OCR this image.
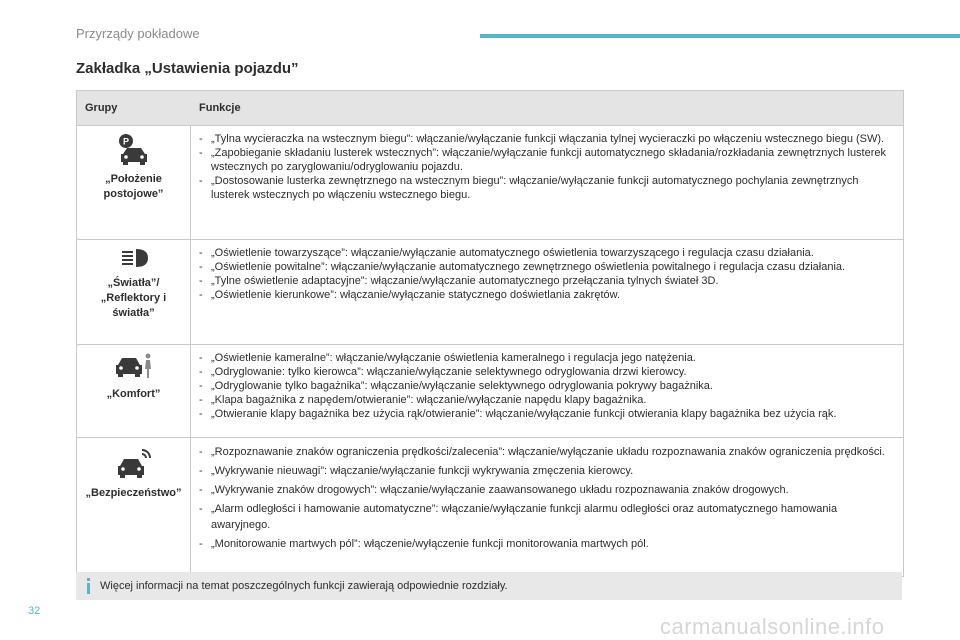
Przyrządy pokładowe
Zakładka „Ustawienia pojazdu”
Grupy	Funkcje
P
„Położenie postojowe”
- „Tylna wycieraczka na wstecznym biegu”: włączanie/wyłączanie funkcji włączania tylnej wycieraczki po włączeniu wstecznego biegu (SW).
- „Zapobieganie składaniu lusterek wstecznych”: włączanie/wyłączanie funkcji automatycznego składania/rozkładania zewnętrznych lusterek wstecznych po zaryglowaniu/odryglowaniu pojazdu.
- „Dostosowanie lusterka zewnętrznego na wstecznym biegu”: włączanie/wyłączanie funkcji automatycznego pochylania zewnętrznych lusterek wstecznych po włączeniu wstecznego biegu.
„Światła”/ „Reflektory i światła”
- „Oświetlenie towarzyszące”: włączanie/wyłączanie automatycznego oświetlenia towarzyszącego i regulacja czasu działania.
- „Oświetlenie powitalne”: włączanie/wyłączanie automatycznego zewnętrznego oświetlenia powitalnego i regulacja czasu działania.
- „Tylne oświetlenie adaptacyjne”: włączanie/wyłączanie automatycznego przełączania tylnych świateł 3D.
- „Oświetlenie kierunkowe”: włączanie/wyłączanie statycznego doświetlania zakrętów.
„Komfort”
- „Oświetlenie kameralne”: włączanie/wyłączanie oświetlenia kameralnego i regulacja jego natężenia.
- „Odryglowanie: tylko kierowca”: włączanie/wyłączanie selektywnego odryglowania drzwi kierowcy.
- „Odryglowanie tylko bagażnika”: włączanie/wyłączanie selektywnego odryglowania pokrywy bagażnika.
- „Klapa bagażnika z napędem/otwieranie”: włączanie/wyłączanie napędu klapy bagażnika.
- „Otwieranie klapy bagażnika bez użycia rąk/otwieranie”: włączanie/wyłączanie funkcji otwierania klapy bagażnika bez użycia rąk.
„Bezpieczeństwo”
- „Rozpoznawanie znaków ograniczenia prędkości/zalecenia”: włączanie/wyłączanie układu rozpoznawania znaków ograniczenia prędkości.
- „Wykrywanie nieuwagi”: włączanie/wyłączanie funkcji wykrywania zmęczenia kierowcy.
- „Wykrywanie znaków drogowych”: włączanie/wyłączanie zaawansowanego układu rozpoznawania znaków drogowych.
- „Alarm odległości i hamowanie automatyczne”: włączanie/wyłączanie funkcji alarmu odległości oraz automatycznego hamowania awaryjnego.
- „Monitorowanie martwych pól”: włączenie/wyłączenie funkcji monitorowania martwych pól.
Więcej informacji na temat poszczególnych funkcji zawierają odpowiednie rozdziały.
32
carmanualsonline.info
